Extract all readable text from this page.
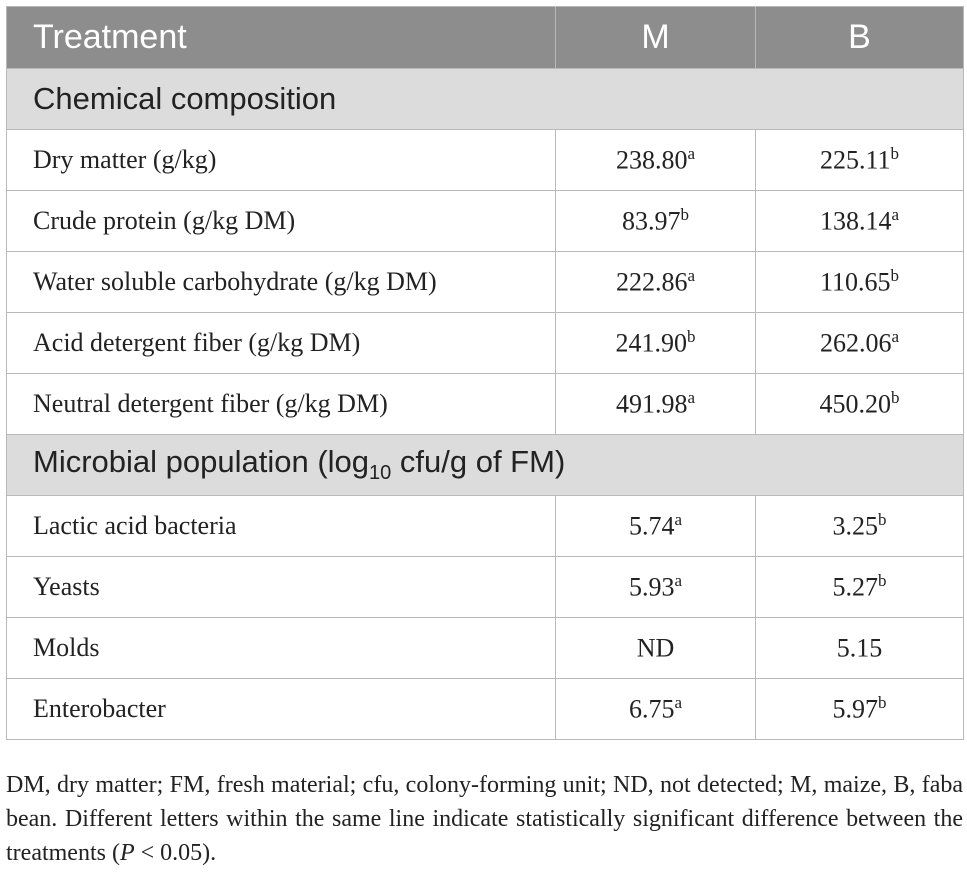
Treatment	M	B
Chemical composition		
Dry matter (g/kg)	238.80$^a$	225.11$^b$
Crude protein (g/kg DM)	83.97$^b$	138.14$^a$
Water soluble carbohydrate (g/kg DM)	222.86$^a$	110.65$^b$
Acid detergent fiber (g/kg DM)	241.90$^b$	262.06$^a$
Neutral detergent fiber (g/kg DM)	491.98$^a$	450.20$^b$
Microbial population ($\log_{10}$ cfu/g of FM)		
Lactic acid bacteria	5.74$^a$	3.25$^b$
Yeasts	5.93$^a$	5.27$^b$
Molds	ND	5.15
Enterobacter	6.75$^a$	5.97$^b$

DM, dry matter; FM, fresh material; cfu, colony-forming unit; ND, not detected; M, maize, B, faba bean. Different letters within the same line indicate statistically significant difference between the treatments (P < 0.05).
